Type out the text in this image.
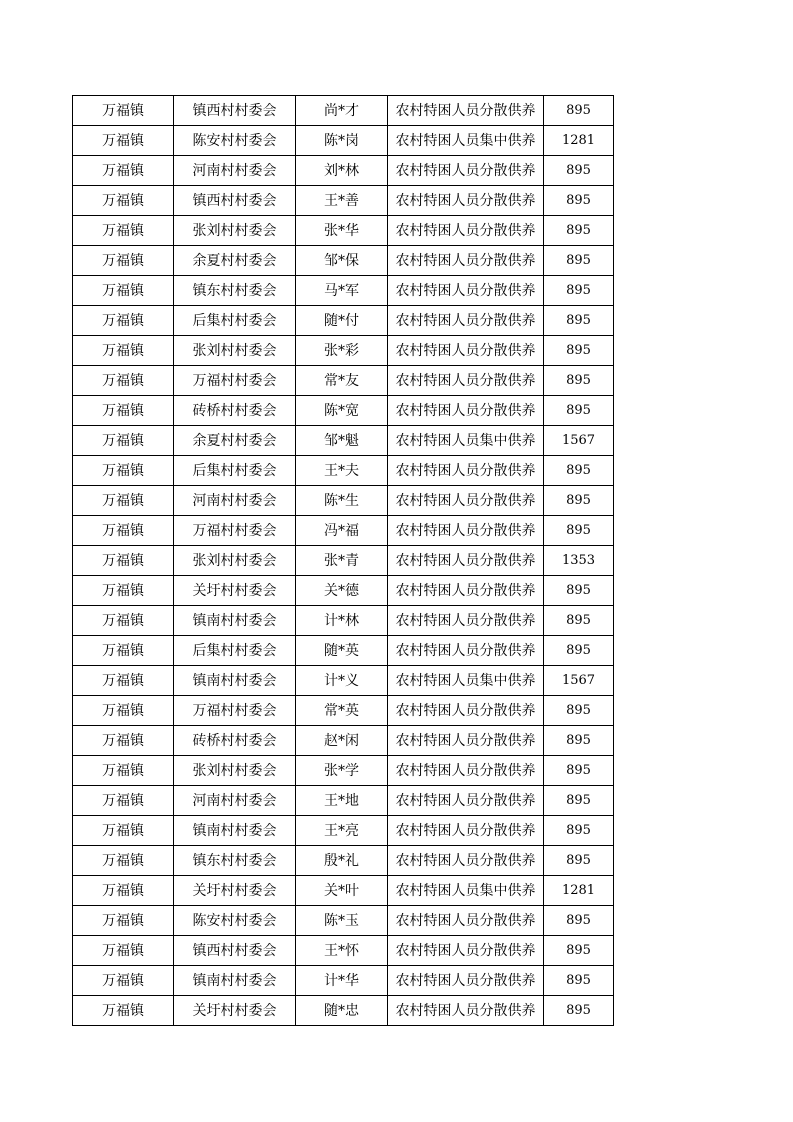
万福镇	镇西村村委会	尚*才	农村特困人员分散供养	895
万福镇	陈安村村委会	陈*岗	农村特困人员集中供养	1281
万福镇	河南村村委会	刘*林	农村特困人员分散供养	895
万福镇	镇西村村委会	王*善	农村特困人员分散供养	895
万福镇	张刘村村委会	张*华	农村特困人员分散供养	895
万福镇	余夏村村委会	邹*保	农村特困人员分散供养	895
万福镇	镇东村村委会	马*军	农村特困人员分散供养	895
万福镇	后集村村委会	随*付	农村特困人员分散供养	895
万福镇	张刘村村委会	张*彩	农村特困人员分散供养	895
万福镇	万福村村委会	常*友	农村特困人员分散供养	895
万福镇	砖桥村村委会	陈*宽	农村特困人员分散供养	895
万福镇	余夏村村委会	邹*魁	农村特困人员集中供养	1567
万福镇	后集村村委会	王*夫	农村特困人员分散供养	895
万福镇	河南村村委会	陈*生	农村特困人员分散供养	895
万福镇	万福村村委会	冯*福	农村特困人员分散供养	895
万福镇	张刘村村委会	张*青	农村特困人员分散供养	1353
万福镇	关圩村村委会	关*德	农村特困人员分散供养	895
万福镇	镇南村村委会	计*林	农村特困人员分散供养	895
万福镇	后集村村委会	随*英	农村特困人员分散供养	895
万福镇	镇南村村委会	计*义	农村特困人员集中供养	1567
万福镇	万福村村委会	常*英	农村特困人员分散供养	895
万福镇	砖桥村村委会	赵*闲	农村特困人员分散供养	895
万福镇	张刘村村委会	张*学	农村特困人员分散供养	895
万福镇	河南村村委会	王*地	农村特困人员分散供养	895
万福镇	镇南村村委会	王*亮	农村特困人员分散供养	895
万福镇	镇东村村委会	殷*礼	农村特困人员分散供养	895
万福镇	关圩村村委会	关*叶	农村特困人员集中供养	1281
万福镇	陈安村村委会	陈*玉	农村特困人员分散供养	895
万福镇	镇西村村委会	王*怀	农村特困人员分散供养	895
万福镇	镇南村村委会	计*华	农村特困人员分散供养	895
万福镇	关圩村村委会	随*忠	农村特困人员分散供养	895
